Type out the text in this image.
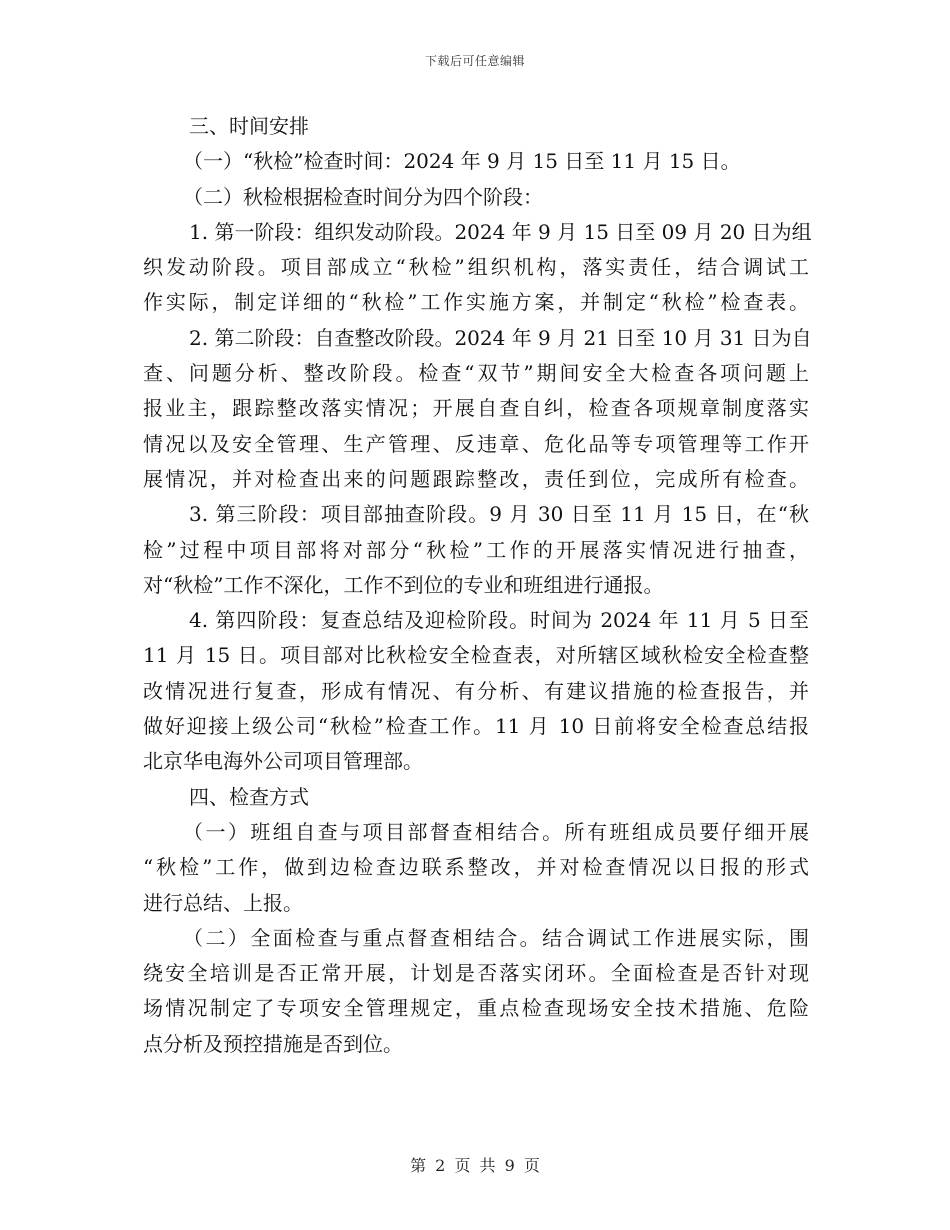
下载后可任意编辑
三、时间安排
（一）“秋检”检查时间：2024 年 9 月 15 日至 11 月 15 日。
（二）秋检根据检查时间分为四个阶段：
1. 第一阶段：组织发动阶段。2024 年 9 月 15 日至 09 月 20 日为组
织发动阶段。项目部成立“秋检”组织机构，落实责任，结合调试工
作实际，制定详细的“秋检”工作实施方案，并制定“秋检”检查表。
2. 第二阶段：自查整改阶段。2024 年 9 月 21 日至 10 月 31 日为自
查、问题分析、整改阶段。检查“双节”期间安全大检查各项问题上
报业主，跟踪整改落实情况；开展自查自纠，检查各项规章制度落实
情况以及安全管理、生产管理、反违章、危化品等专项管理等工作开
展情况，并对检查出来的问题跟踪整改，责任到位，完成所有检查。
3. 第三阶段：项目部抽查阶段。9 月 30 日至 11 月 15 日，在“秋
检”过程中项目部将对部分“秋检”工作的开展落实情况进行抽查，
对“秋检”工作不深化，工作不到位的专业和班组进行通报。
4. 第四阶段：复查总结及迎检阶段。时间为 2024 年 11 月 5 日至
11 月 15 日。项目部对比秋检安全检查表，对所辖区域秋检安全检查整
改情况进行复查，形成有情况、有分析、有建议措施的检查报告，并
做好迎接上级公司“秋检”检查工作。11 月 10 日前将安全检查总结报
北京华电海外公司项目管理部。
四、检查方式
（一）班组自查与项目部督查相结合。所有班组成员要仔细开展
“秋检”工作，做到边检查边联系整改，并对检查情况以日报的形式
进行总结、上报。
（二）全面检查与重点督查相结合。结合调试工作进展实际，围
绕安全培训是否正常开展，计划是否落实闭环。全面检查是否针对现
场情况制定了专项安全管理规定，重点检查现场安全技术措施、危险
点分析及预控措施是否到位。
第 2 页 共 9 页
